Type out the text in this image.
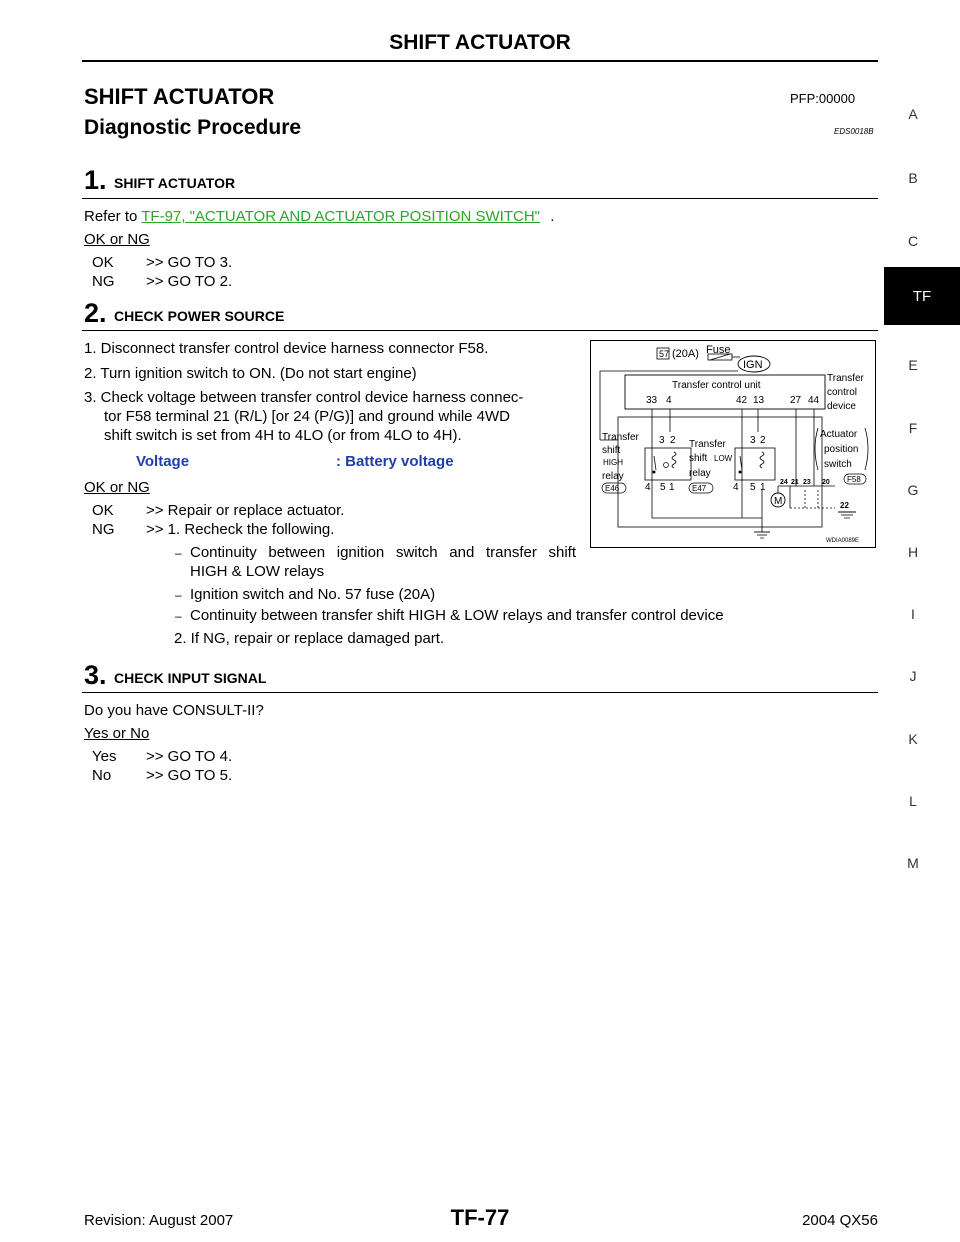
SHIFT ACTUATOR
SHIFT ACTUATOR	PFP:00000
Diagnostic Procedure	EDS0018B
A
B
C
TF
E
F
G
H
I
J
K
L
M
1. SHIFT ACTUATOR
Refer to TF-97, "ACTUATOR AND ACTUATOR POSITION SWITCH" .
OK or NG
OK >> GO TO 3.
NG >> GO TO 2.
2. CHECK POWER SOURCE
1. Disconnect transfer control device harness connector F58.
2. Turn ignition switch to ON. (Do not start engine)
3. Check voltage between transfer control device harness connec-
tor F58 terminal 21 (R/L) [or 24 (P/G)] and ground while 4WD
shift switch is set from 4H to 4LO (or from 4LO to 4H).
Voltage	: Battery voltage
OK or NG
OK >> Repair or replace actuator.
NG >> 1. Recheck the following.
– Continuity between ignition switch and transfer shift
HIGH & LOW relays
– Ignition switch and No. 57 fuse (20A)
– Continuity between transfer shift HIGH & LOW relays and transfer control device
2. If NG, repair or replace damaged part.
57 (20A) Fuse
IGN
Transfer control unit
33 4	42 13	27 44
Transfer
control
device
Transfer
shift
HIGH
relay
3 2
4 5 1
E46
Transfer
shift LOW
relay
3 2
4 5 1
E47
Actuator
position
switch
F58
24 21 23 20
M	22
WDIA0089E
3. CHECK INPUT SIGNAL
Do you have CONSULT-II?
Yes or No
Yes >> GO TO 4.
No >> GO TO 5.
Revision: August 2007	TF-77	2004 QX56
